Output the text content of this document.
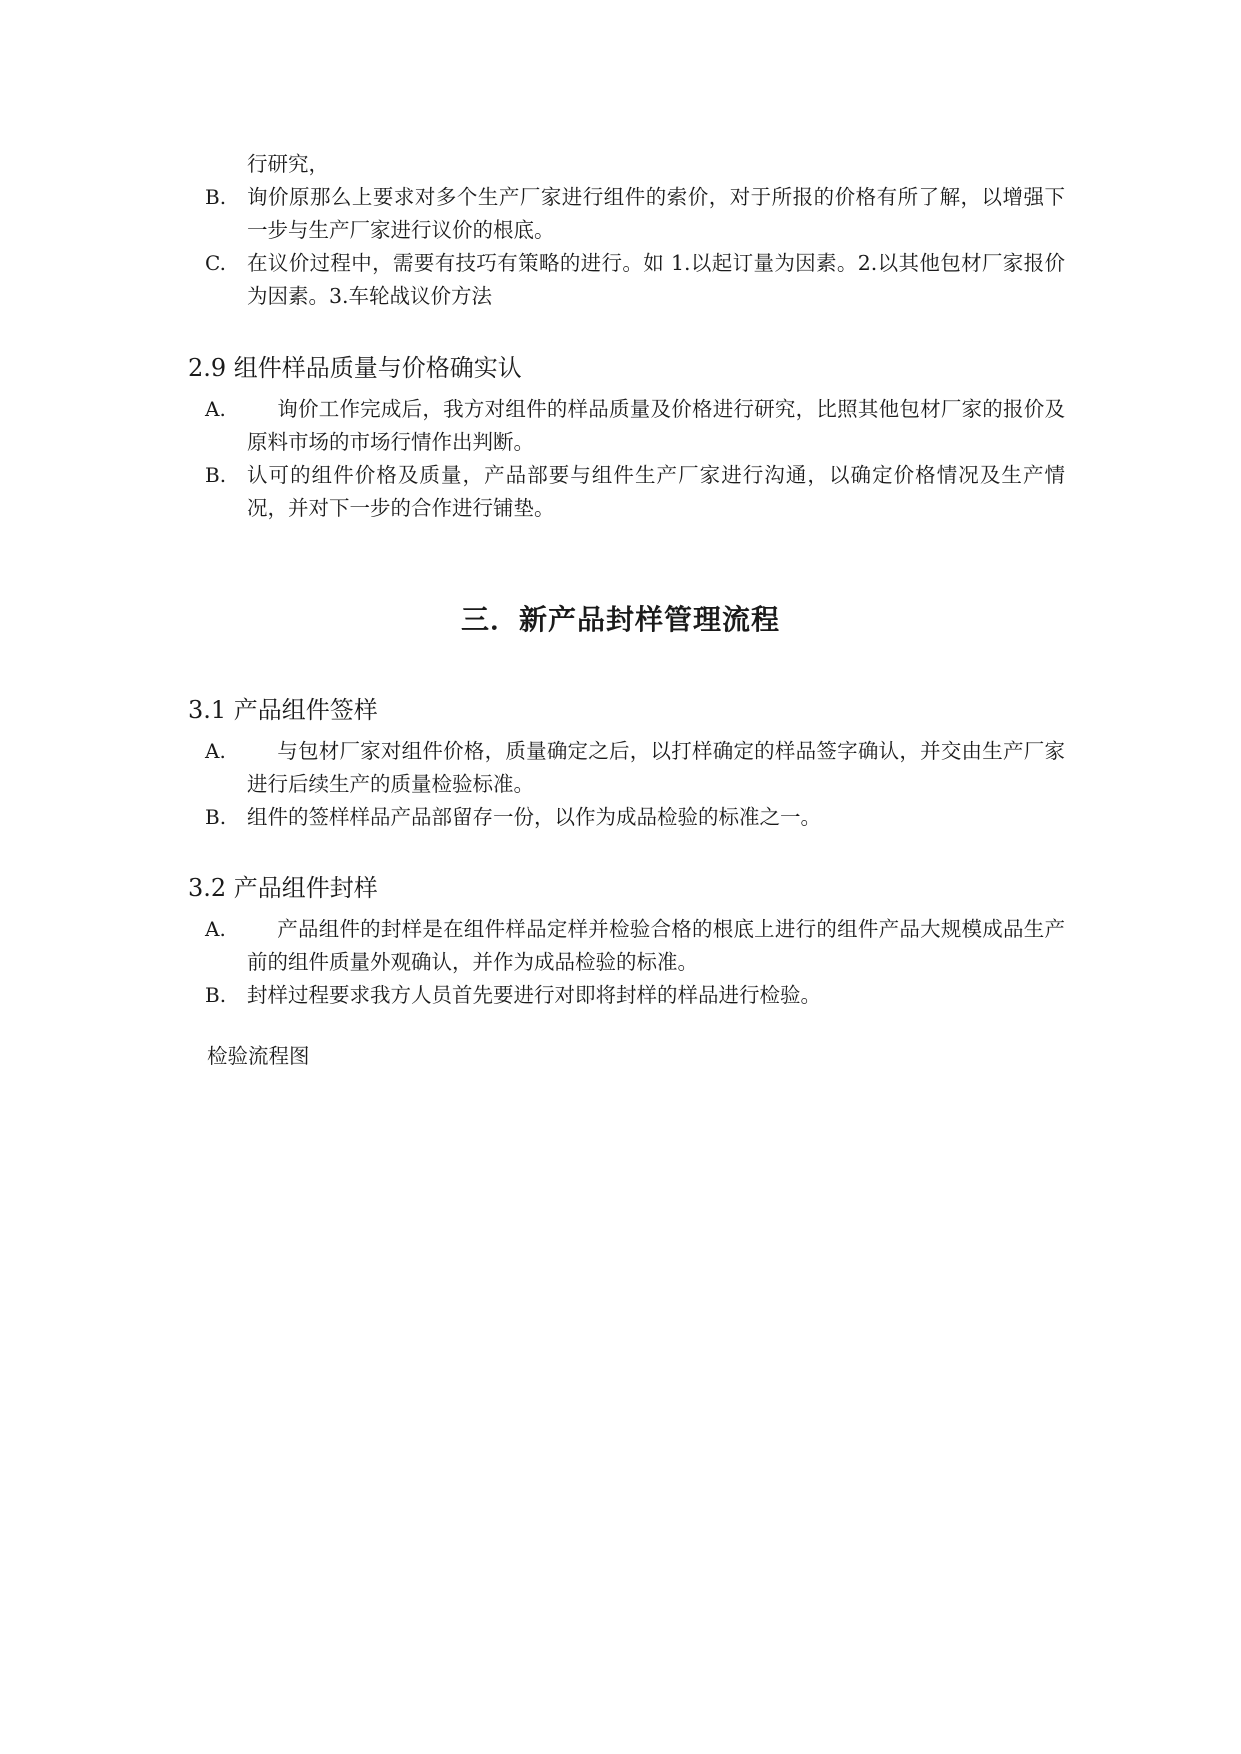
行研究，

B. 询价原那么上要求对多个生产厂家进行组件的索价，对于所报的价格有所了解，以增强下一步与生产厂家进行议价的根底。
C. 在议价过程中，需要有技巧有策略的进行。如 1.以起订量为因素。2.以其他包材厂家报价为因素。3.车轮战议价方法
2.9 组件样品质量与价格确实认
A.	询价工作完成后，我方对组件的样品质量及价格进行研究，比照其他包材厂家的报价及原料市场的市场行情作出判断。
B. 认可的组件价格及质量，产品部要与组件生产厂家进行沟通，以确定价格情况及生产情况，并对下一步的合作进行铺垫。
三．新产品封样管理流程
3.1 产品组件签样
A.	与包材厂家对组件价格，质量确定之后，以打样确定的样品签字确认，并交由生产厂家进行后续生产的质量检验标准。
B. 组件的签样样品产品部留存一份，以作为成品检验的标准之一。
3.2 产品组件封样
A.	产品组件的封样是在组件样品定样并检验合格的根底上进行的组件产品大规模成品生产前的组件质量外观确认，并作为成品检验的标准。
B. 封样过程要求我方人员首先要进行对即将封样的样品进行检验。

检验流程图
